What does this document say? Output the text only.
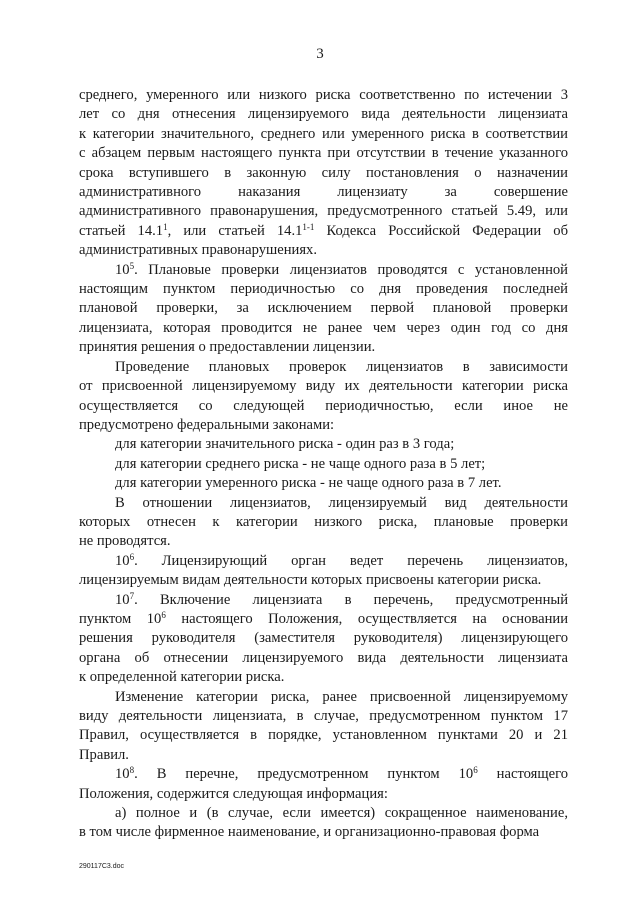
3

среднего, умеренного или низкого риска соответственно по истечении 3

лет со дня отнесения лицензируемого вида деятельности лицензиата

к категории значительного, среднего или умеренного риска в соответствии

с абзацем первым настоящего пункта при отсутствии в течение указанного

срока вступившего в законную силу постановления о назначении

административного наказания лицензиату за совершение

административного правонарушения, предусмотренного статьей 5.49, или

статьей 14.1$^1$, или статьей 14.1$^{1-1}$ Кодекса Российской Федерации об

административных правонарушениях.

$10^5$. Плановые проверки лицензиатов проводятся с установленной

настоящим пунктом периодичностью со дня проведения последней

плановой проверки, за исключением первой плановой проверки

лицензиата, которая проводится не ранее чем через один год со дня

принятия решения о предоставлении лицензии.

Проведение плановых проверок лицензиатов в зависимости

от присвоенной лицензируемому виду их деятельности категории риска

осуществляется со следующей периодичностью, если иное не

предусмотрено федеральными законами:

для категории значительного риска - один раз в 3 года;

для категории среднего риска - не чаще одного раза в 5 лет;

для категории умеренного риска - не чаще одного раза в 7 лет.

В отношении лицензиатов, лицензируемый вид деятельности

которых отнесен к категории низкого риска, плановые проверки

не проводятся.

$10^6$. Лицензирующий орган ведет перечень лицензиатов,

лицензируемым видам деятельности которых присвоены категории риска.

$10^7$. Включение лицензиата в перечень, предусмотренный

пунктом $10^6$ настоящего Положения, осуществляется на основании

решения руководителя (заместителя руководителя) лицензирующего

органа об отнесении лицензируемого вида деятельности лицензиата

к определенной категории риска.

Изменение категории риска, ранее присвоенной лицензируемому

виду деятельности лицензиата, в случае, предусмотренном пунктом 17

Правил, осуществляется в порядке, установленном пунктами 20 и 21

Правил.

$10^8$. В перечне, предусмотренном пунктом $10^6$ настоящего

Положения, содержится следующая информация:

а) полное и (в случае, если имеется) сокращенное наименование,

в том числе фирменное наименование, и организационно-правовая форма

290117C3.doc
